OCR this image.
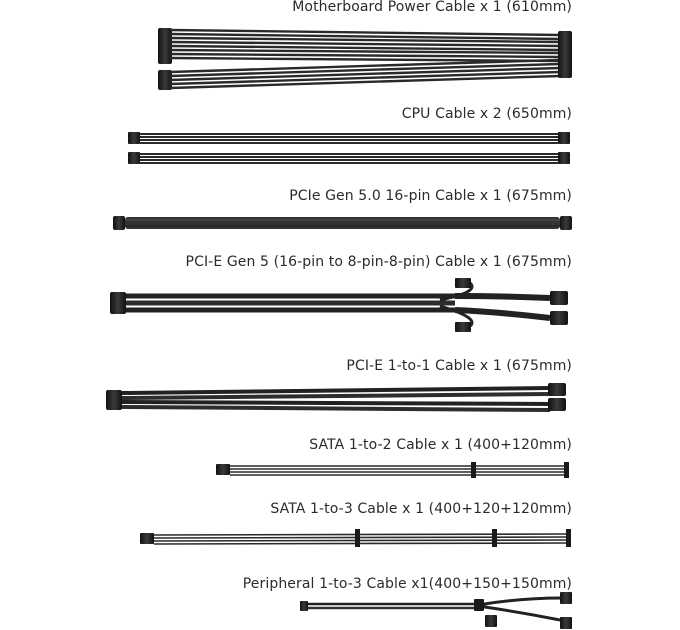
Motherboard Power Cable x 1 (610mm)
CPU Cable x 2 (650mm)
PCIe Gen 5.0 16-pin Cable x 1 (675mm)
PCI-E Gen 5 (16-pin to 8-pin-8-pin) Cable x 1 (675mm)
PCI-E 1-to-1 Cable x 1 (675mm)
SATA 1-to-2 Cable x 1 (400+120mm)
SATA 1-to-3 Cable x 1 (400+120+120mm)
Peripheral 1-to-3 Cable x1(400+150+150mm)
